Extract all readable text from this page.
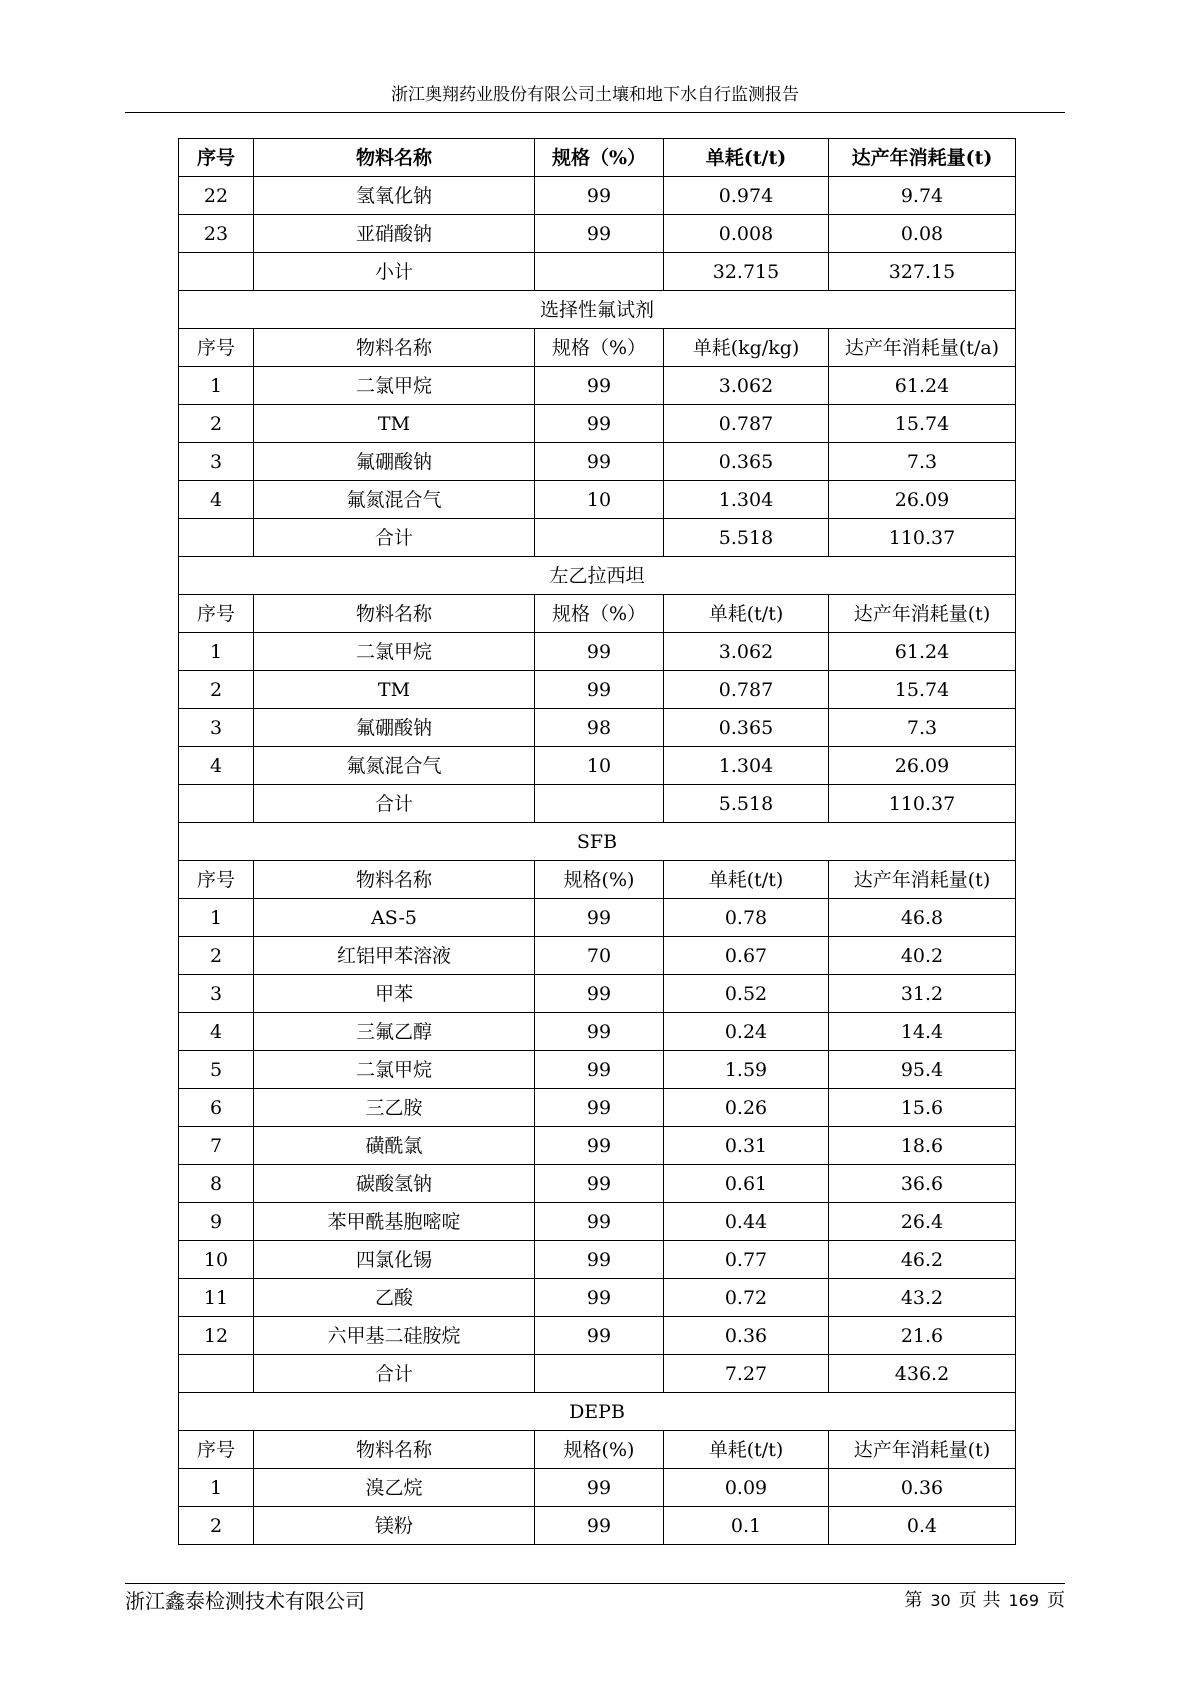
浙江奥翔药业股份有限公司土壤和地下水自行监测报告
序号	物料名称	规格（%）	单耗(t/t)	达产年消耗量(t)
22	氢氧化钠	99	0.974	9.74
23	亚硝酸钠	99	0.008	0.08
	小计		32.715	327.15
选择性氟试剂				
序号	物料名称	规格（%）	单耗(kg/kg)	达产年消耗量(t/a)
1	二氯甲烷	99	3.062	61.24
2	TM	99	0.787	15.74
3	氟硼酸钠	99	0.365	7.3
4	氟氮混合气	10	1.304	26.09
	合计		5.518	110.37
左乙拉西坦				
序号	物料名称	规格（%）	单耗(t/t)	达产年消耗量(t)
1	二氯甲烷	99	3.062	61.24
2	TM	99	0.787	15.74
3	氟硼酸钠	98	0.365	7.3
4	氟氮混合气	10	1.304	26.09
	合计		5.518	110.37
SFB				
序号	物料名称	规格(%)	单耗(t/t)	达产年消耗量(t)
1	AS-5	99	0.78	46.8
2	红铝甲苯溶液	70	0.67	40.2
3	甲苯	99	0.52	31.2
4	三氟乙醇	99	0.24	14.4
5	二氯甲烷	99	1.59	95.4
6	三乙胺	99	0.26	15.6
7	磺酰氯	99	0.31	18.6
8	碳酸氢钠	99	0.61	36.6
9	苯甲酰基胞嘧啶	99	0.44	26.4
10	四氯化锡	99	0.77	46.2
11	乙酸	99	0.72	43.2
12	六甲基二硅胺烷	99	0.36	21.6
	合计		7.27	436.2
DEPB				
序号	物料名称	规格(%)	单耗(t/t)	达产年消耗量(t)
1	溴乙烷	99	0.09	0.36
2	镁粉	99	0.1	0.4
浙江鑫泰检测技术有限公司	第 30 页 共 169 页
